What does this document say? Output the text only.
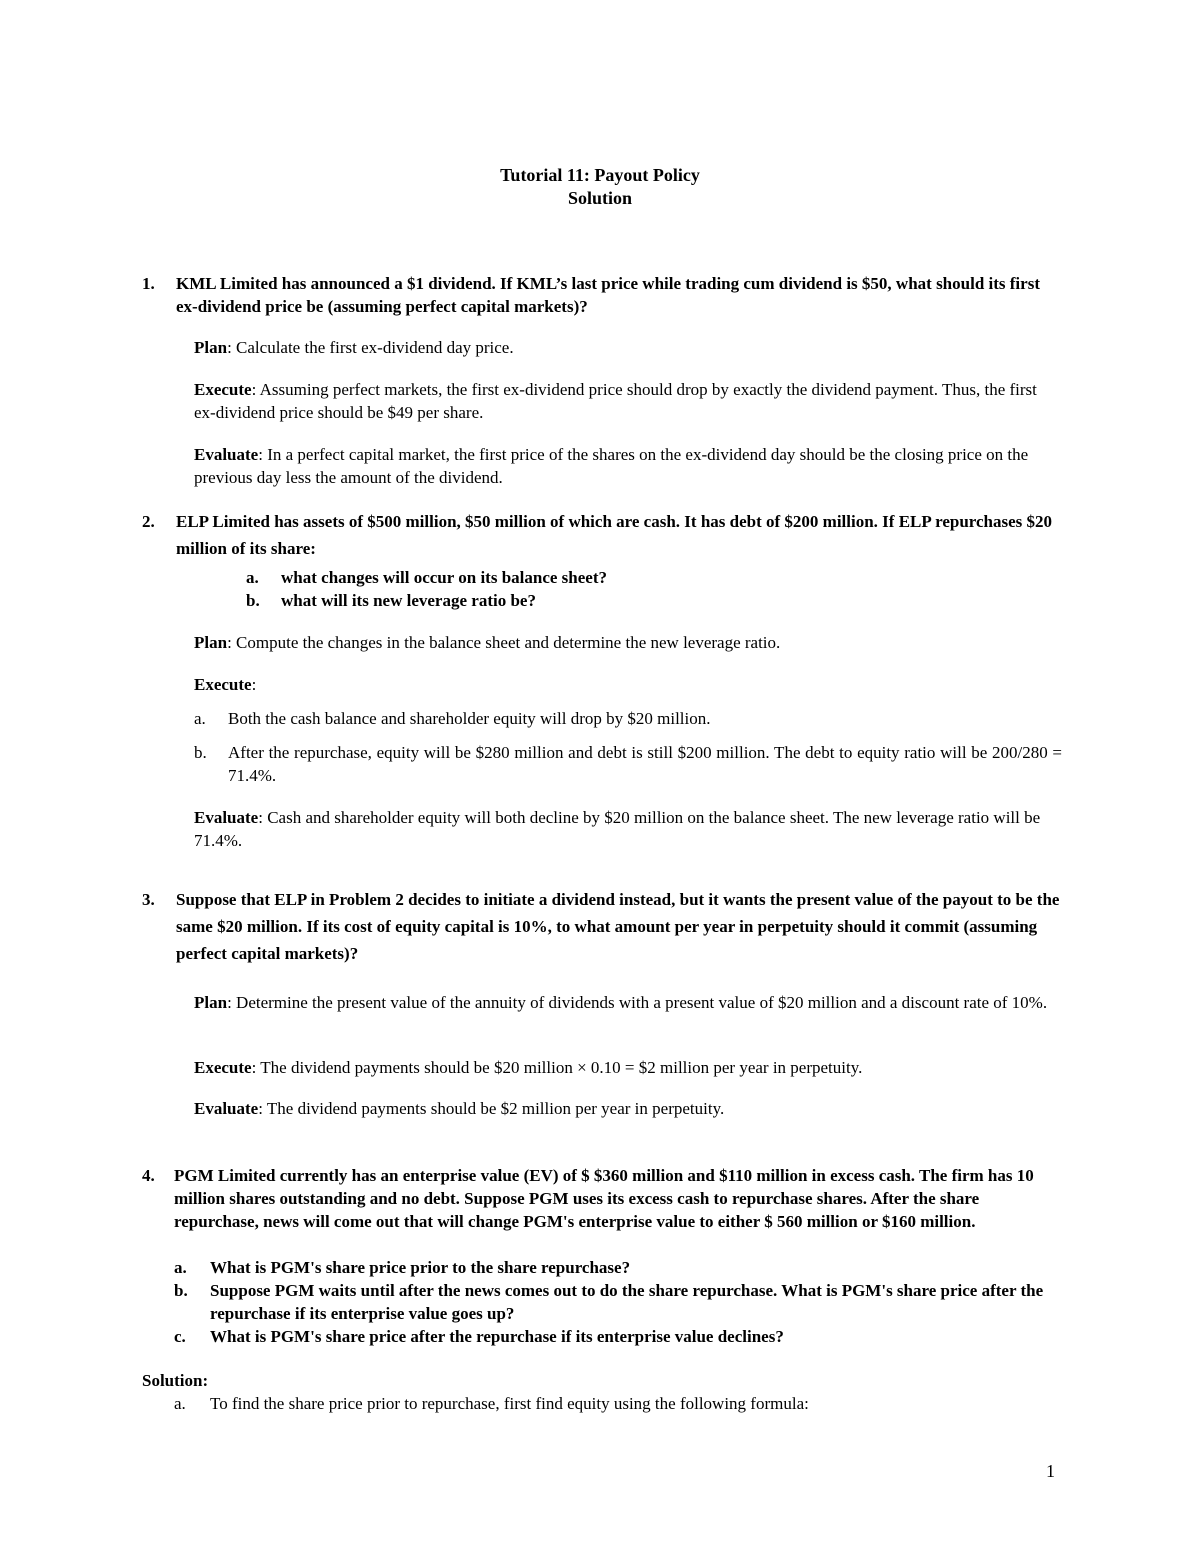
Tutorial 11: Payout Policy
Solution
1. KML Limited has announced a $1 dividend. If KML’s last price while trading cum dividend is $50, what should its first ex-dividend price be (assuming perfect capital markets)?
Plan: Calculate the first ex-dividend day price.
Execute: Assuming perfect markets, the first ex-dividend price should drop by exactly the dividend payment. Thus, the first ex-dividend price should be $49 per share.
Evaluate: In a perfect capital market, the first price of the shares on the ex-dividend day should be the closing price on the previous day less the amount of the dividend.
2. ELP Limited has assets of $500 million, $50 million of which are cash. It has debt of $200 million. If ELP repurchases $20 million of its share:
a. what changes will occur on its balance sheet?
b. what will its new leverage ratio be?
Plan: Compute the changes in the balance sheet and determine the new leverage ratio.
Execute:
a. Both the cash balance and shareholder equity will drop by $20 million.
b. After the repurchase, equity will be $280 million and debt is still $200 million. The debt to equity ratio will be 200/280 = 71.4%.
Evaluate: Cash and shareholder equity will both decline by $20 million on the balance sheet. The new leverage ratio will be 71.4%.
3. Suppose that ELP in Problem 2 decides to initiate a dividend instead, but it wants the present value of the payout to be the same $20 million. If its cost of equity capital is 10%, to what amount per year in perpetuity should it commit (assuming perfect capital markets)?
Plan: Determine the present value of the annuity of dividends with a present value of $20 million and a discount rate of 10%.
Execute: The dividend payments should be $20 million × 0.10 = $2 million per year in perpetuity.
Evaluate: The dividend payments should be $2 million per year in perpetuity.
4. PGM Limited currently has an enterprise value (EV) of $ $360 million and $110 million in excess cash. The firm has 10 million shares outstanding and no debt. Suppose PGM uses its excess cash to repurchase shares. After the share repurchase, news will come out that will change PGM's enterprise value to either $ 560 million or $160 million.
a. What is PGM's share price prior to the share repurchase?
b. Suppose PGM waits until after the news comes out to do the share repurchase. What is PGM's share price after the repurchase if its enterprise value goes up?
c. What is PGM's share price after the repurchase if its enterprise value declines?
Solution:
a. To find the share price prior to repurchase, first find equity using the following formula:
1
